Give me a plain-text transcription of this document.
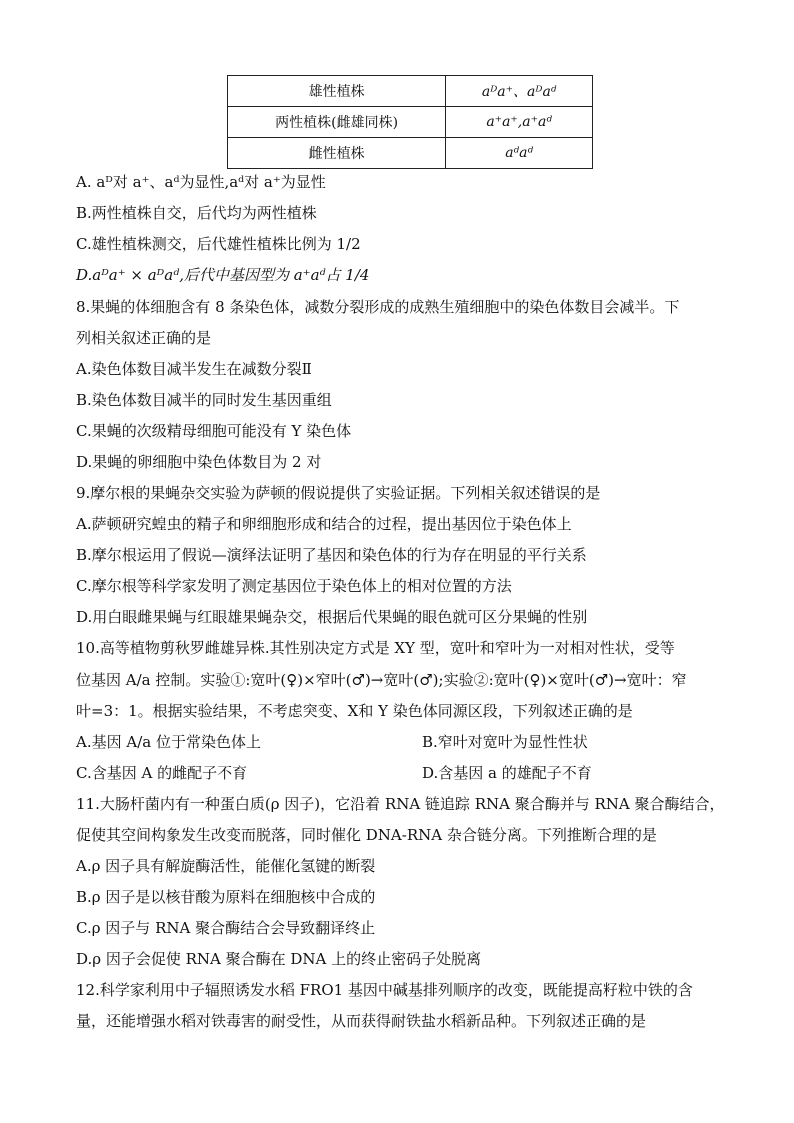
雄性植株	aᴰa⁺、aᴰaᵈ
两性植株(雌雄同株)	a⁺a⁺,a⁺aᵈ
雌性植株	aᵈaᵈ
A. aᴰ对 a⁺、aᵈ为显性,aᵈ对 a⁺为显性
B.两性植株自交，后代均为两性植株
C.雄性植株测交，后代雄性植株比例为 1/2
D.aᴰa⁺ × aᴰaᵈ,后代中基因型为 a⁺aᵈ占 1/4
8.果蝇的体细胞含有 8 条染色体，减数分裂形成的成熟生殖细胞中的染色体数目会减半。下
列相关叙述正确的是
A.染色体数目减半发生在减数分裂Ⅱ
B.染色体数目减半的同时发生基因重组
C.果蝇的次级精母细胞可能没有 Y 染色体
D.果蝇的卵细胞中染色体数目为 2 对
9.摩尔根的果蝇杂交实验为萨顿的假说提供了实验证据。下列相关叙述错误的是
A.萨顿研究蝗虫的精子和卵细胞形成和结合的过程，提出基因位于染色体上
B.摩尔根运用了假说—演绎法证明了基因和染色体的行为存在明显的平行关系
C.摩尔根等科学家发明了测定基因位于染色体上的相对位置的方法
D.用白眼雌果蝇与红眼雄果蝇杂交，根据后代果蝇的眼色就可区分果蝇的性别
10.高等植物剪秋罗雌雄异株.其性别决定方式是 XY 型，宽叶和窄叶为一对相对性状，受等
位基因 A/a 控制。实验①:宽叶(♀)×窄叶(♂)→宽叶(♂);实验②:宽叶(♀)×宽叶(♂)→宽叶：窄
叶=3：1。根据实验结果，不考虑突变、X和 Y 染色体同源区段，下列叙述正确的是
A.基因 A/a 位于常染色体上	B.窄叶对宽叶为显性性状
C.含基因 A 的雌配子不育	D.含基因 a 的雄配子不育
11.大肠杆菌内有一种蛋白质(ρ 因子)，它沿着 RNA 链追踪 RNA 聚合酶并与 RNA 聚合酶结合，
促使其空间构象发生改变而脱落，同时催化 DNA-RNA 杂合链分离。下列推断合理的是
A.ρ 因子具有解旋酶活性，能催化氢键的断裂
B.ρ 因子是以核苷酸为原料在细胞核中合成的
C.ρ 因子与 RNA 聚合酶结合会导致翻译终止
D.ρ 因子会促使 RNA 聚合酶在 DNA 上的终止密码子处脱离
12.科学家利用中子辐照诱发水稻 FRO1 基因中碱基排列顺序的改变，既能提高籽粒中铁的含
量，还能增强水稻对铁毒害的耐受性，从而获得耐铁盐水稻新品种。下列叙述正确的是
